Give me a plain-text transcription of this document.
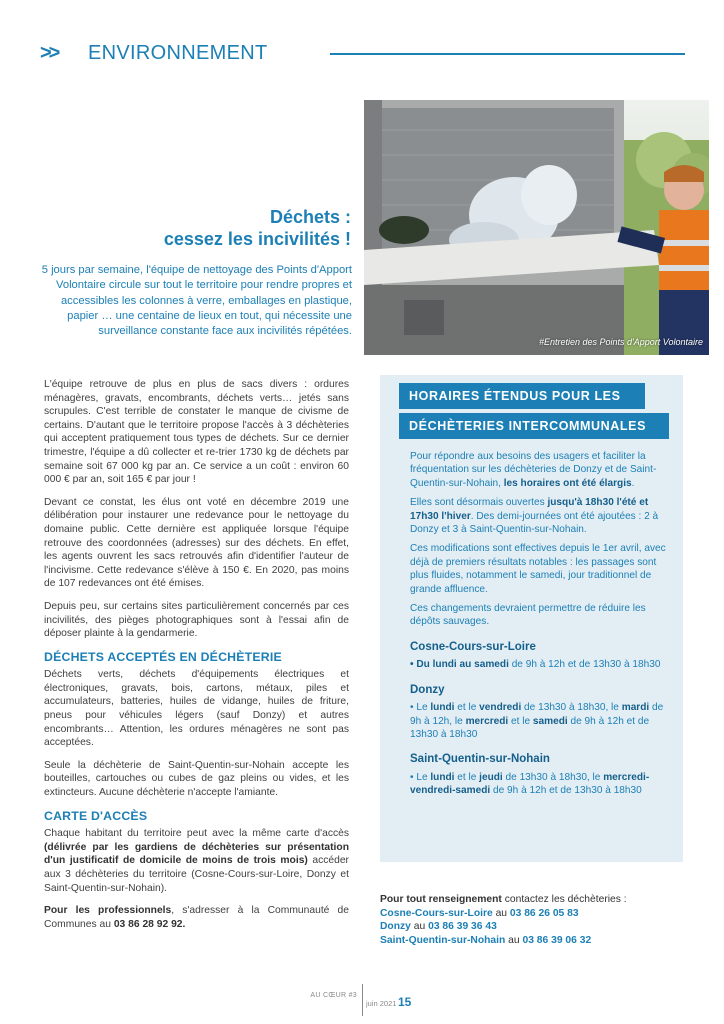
>> ENVIRONNEMENT
#Entretien des Points d'Apport Volontaire
Déchets :
cessez les incivilités !
5 jours par semaine, l'équipe de nettoyage des Points d'Apport Volontaire circule sur tout le territoire pour rendre propres et accessibles les colonnes à verre, emballages en plastique, papier … une centaine de lieux en tout, qui nécessite une surveillance constante face aux incivilités répétées.

L'équipe retrouve de plus en plus de sacs divers : ordures ménagères, gravats, encombrants, déchets verts… jetés sans scrupules. C'est terrible de constater le manque de civisme de certains. D'autant que le territoire propose l'accès à 3 déchèteries qui acceptent pratiquement tous types de déchets. Sur ce dernier trimestre, l'équipe a dû collecter et re-trier 1730 kg de déchets par semaine soit 67 000 kg par an. Ce service a un coût : environ 60 000 € par an, soit 165 € par jour !

Devant ce constat, les élus ont voté en décembre 2019 une délibération pour instaurer une redevance pour le nettoyage du domaine public. Cette dernière est appliquée lorsque l'équipe retrouve des coordonnées (adresses) sur des déchets. En effet, les agents ouvrent les sacs retrouvés afin d'identifier l'auteur de l'incivisme. Cette redevance s'élève à 150 €. En 2020, pas moins de 107 redevances ont été émises.

Depuis peu, sur certains sites particulièrement concernés par ces incivilités, des pièges photographiques sont à l'essai afin de déposer plainte à la gendarmerie.

DÉCHETS ACCEPTÉS EN DÉCHÈTERIE

Déchets verts, déchets d'équipements électriques et électroniques, gravats, bois, cartons, métaux, piles et accumulateurs, batteries, huiles de vidange, huiles de friture, pneus pour véhicules légers (sauf Donzy) et autres encombrants… Attention, les ordures ménagères ne sont pas acceptées.

Seule la déchèterie de Saint-Quentin-sur-Nohain accepte les bouteilles, cartouches ou cubes de gaz pleins ou vides, et les extincteurs. Aucune déchèterie n'accepte l'amiante.

CARTE D'ACCÈS

Chaque habitant du territoire peut avec la même carte d'accès (délivrée par les gardiens de déchèteries sur présentation d'un justificatif de domicile de moins de trois mois) accéder aux 3 déchèteries du territoire (Cosne-Cours-sur-Loire, Donzy et Saint-Quentin-sur-Nohain).

Pour les professionnels, s'adresser à la Communauté de Communes au 03 86 28 92 92.

HORAIRES ÉTENDUS POUR LES
DÉCHÈTERIES INTERCOMMUNALES

Pour répondre aux besoins des usagers et faciliter la fréquentation sur les déchèteries de Donzy et de Saint-Quentin-sur-Nohain, les horaires ont été élargis.

Elles sont désormais ouvertes jusqu'à 18h30 l'été et 17h30 l'hiver. Des demi-journées ont été ajoutées : 2 à Donzy et 3 à Saint-Quentin-sur-Nohain.

Ces modifications sont effectives depuis le 1er avril, avec déjà de premiers résultats notables : les passages sont plus fluides, notamment le samedi, jour traditionnel de grande affluence.

Ces changements devraient permettre de réduire les dépôts sauvages.

Cosne-Cours-sur-Loire
• Du lundi au samedi de 9h à 12h et de 13h30 à 18h30
Donzy
• Le lundi et le vendredi de 13h30 à 18h30, le mardi de 9h à 12h, le mercredi et le samedi de 9h à 12h et de 13h30 à 18h30
Saint-Quentin-sur-Nohain
• Le lundi et le jeudi de 13h30 à 18h30, le mercredi-vendredi-samedi de 9h à 12h et de 13h30 à 18h30
Pour tout renseignement contactez les déchèteries :
Cosne-Cours-sur-Loire au 03 86 26 05 83
Donzy au 03 86 39 36 43
Saint-Quentin-sur-Nohain au 03 86 39 06 32
AU CŒUR #3
juin 2021 15
